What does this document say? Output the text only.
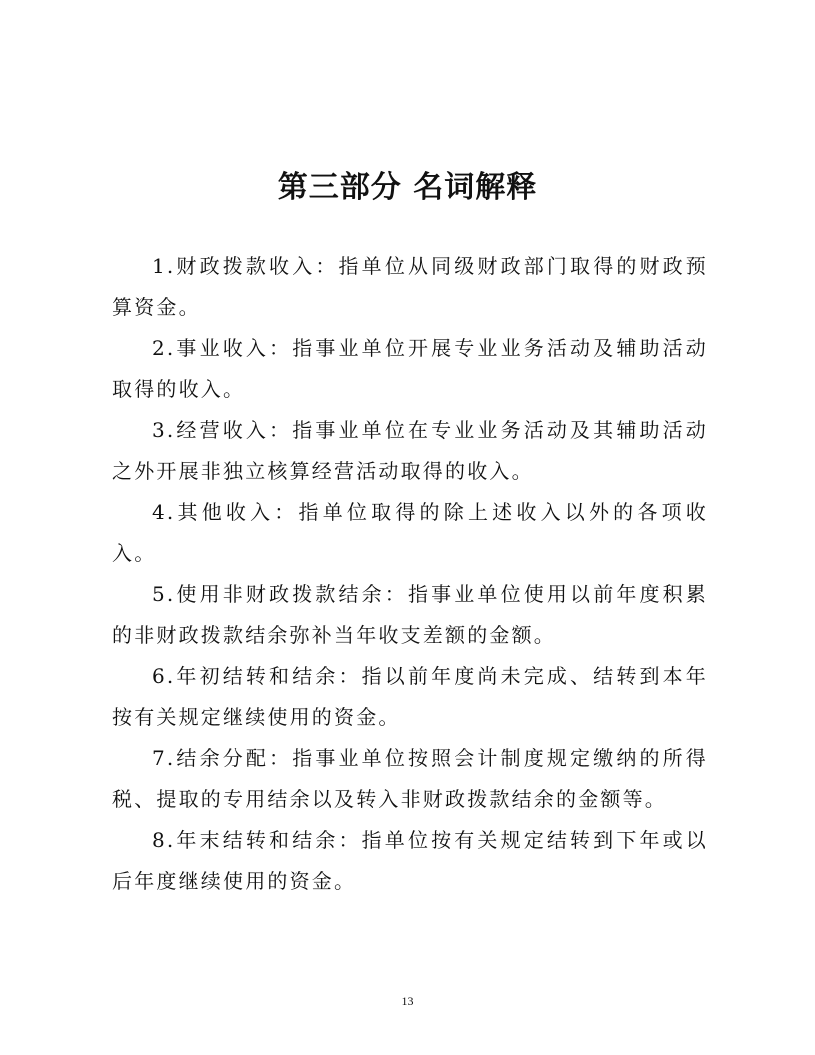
第三部分 名词解释

1.财政拨款收入：指单位从同级财政部门取得的财政预算资金。

2.事业收入：指事业单位开展专业业务活动及辅助活动取得的收入。

3.经营收入：指事业单位在专业业务活动及其辅助活动之外开展非独立核算经营活动取得的收入。

4.其他收入：指单位取得的除上述收入以外的各项收入。

5.使用非财政拨款结余：指事业单位使用以前年度积累的非财政拨款结余弥补当年收支差额的金额。

6.年初结转和结余：指以前年度尚未完成、结转到本年按有关规定继续使用的资金。

7.结余分配：指事业单位按照会计制度规定缴纳的所得税、提取的专用结余以及转入非财政拨款结余的金额等。

8.年末结转和结余：指单位按有关规定结转到下年或以后年度继续使用的资金。

13
